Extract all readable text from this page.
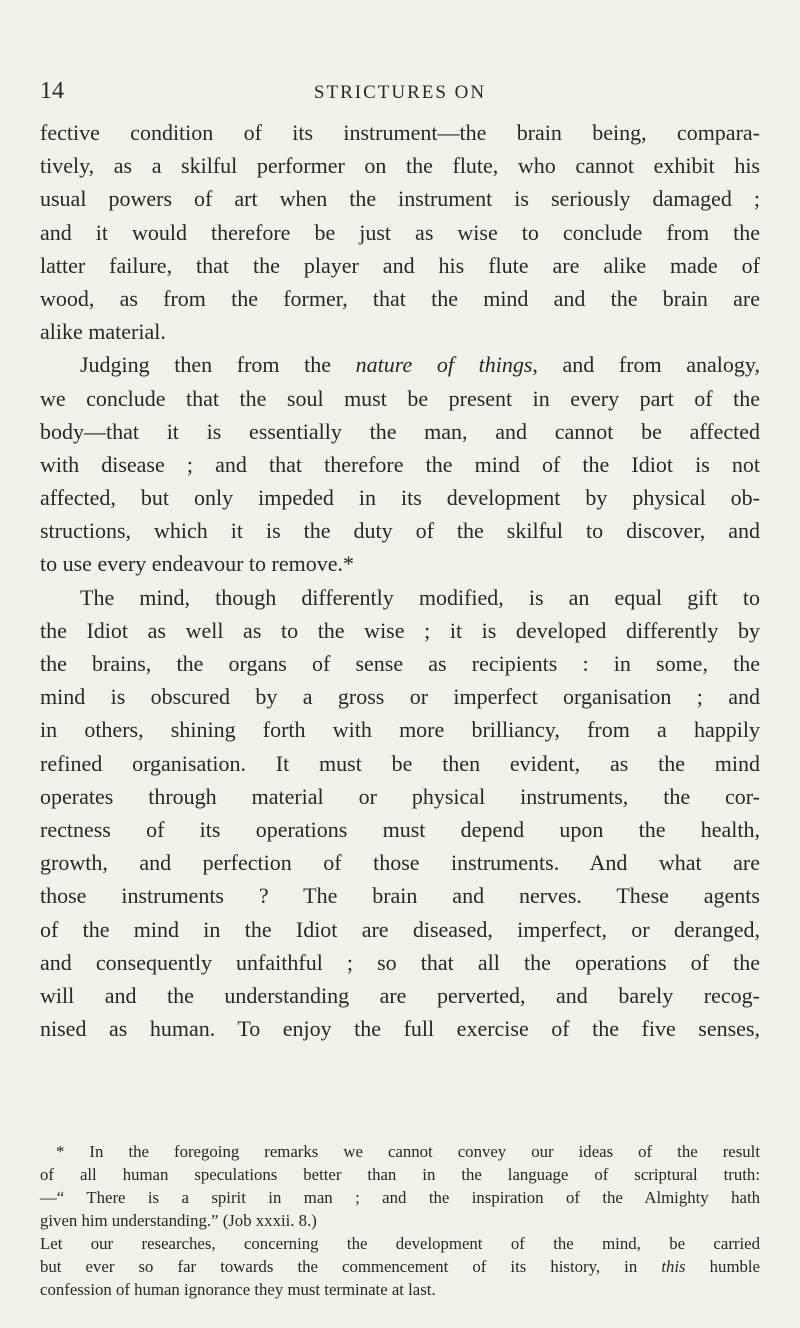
14	STRICTURES ON
fective condition of its instrument—the brain being, compara-
tively, as a skilful performer on the flute, who cannot exhibit his
usual powers of art when the instrument is seriously damaged ;
and it would therefore be just as wise to conclude from the
latter failure, that the player and his flute are alike made of
wood, as from the former, that the mind and the brain are
alike material.
Judging then from the nature of things, and from analogy,
we conclude that the soul must be present in every part of the
body—that it is essentially the man, and cannot be affected
with disease ; and that therefore the mind of the Idiot is not
affected, but only impeded in its development by physical ob-
structions, which it is the duty of the skilful to discover, and
to use every endeavour to remove.*
The mind, though differently modified, is an equal gift to
the Idiot as well as to the wise ; it is developed differently by
the brains, the organs of sense as recipients : in some, the
mind is obscured by a gross or imperfect organisation ; and
in others, shining forth with more brilliancy, from a happily
refined organisation. It must be then evident, as the mind
operates through material or physical instruments, the cor-
rectness of its operations must depend upon the health,
growth, and perfection of those instruments. And what are
those instruments ? The brain and nerves. These agents
of the mind in the Idiot are diseased, imperfect, or deranged,
and consequently unfaithful ; so that all the operations of the
will and the understanding are perverted, and barely recog-
nised as human. To enjoy the full exercise of the five senses,
* In the foregoing remarks we cannot convey our ideas of the result
of all human speculations better than in the language of scriptural truth:
—“ There is a spirit in man ; and the inspiration of the Almighty hath
given him understanding.” (Job xxxii. 8.)
Let our researches, concerning the development of the mind, be carried
but ever so far towards the commencement of its history, in this humble
confession of human ignorance they must terminate at last.
